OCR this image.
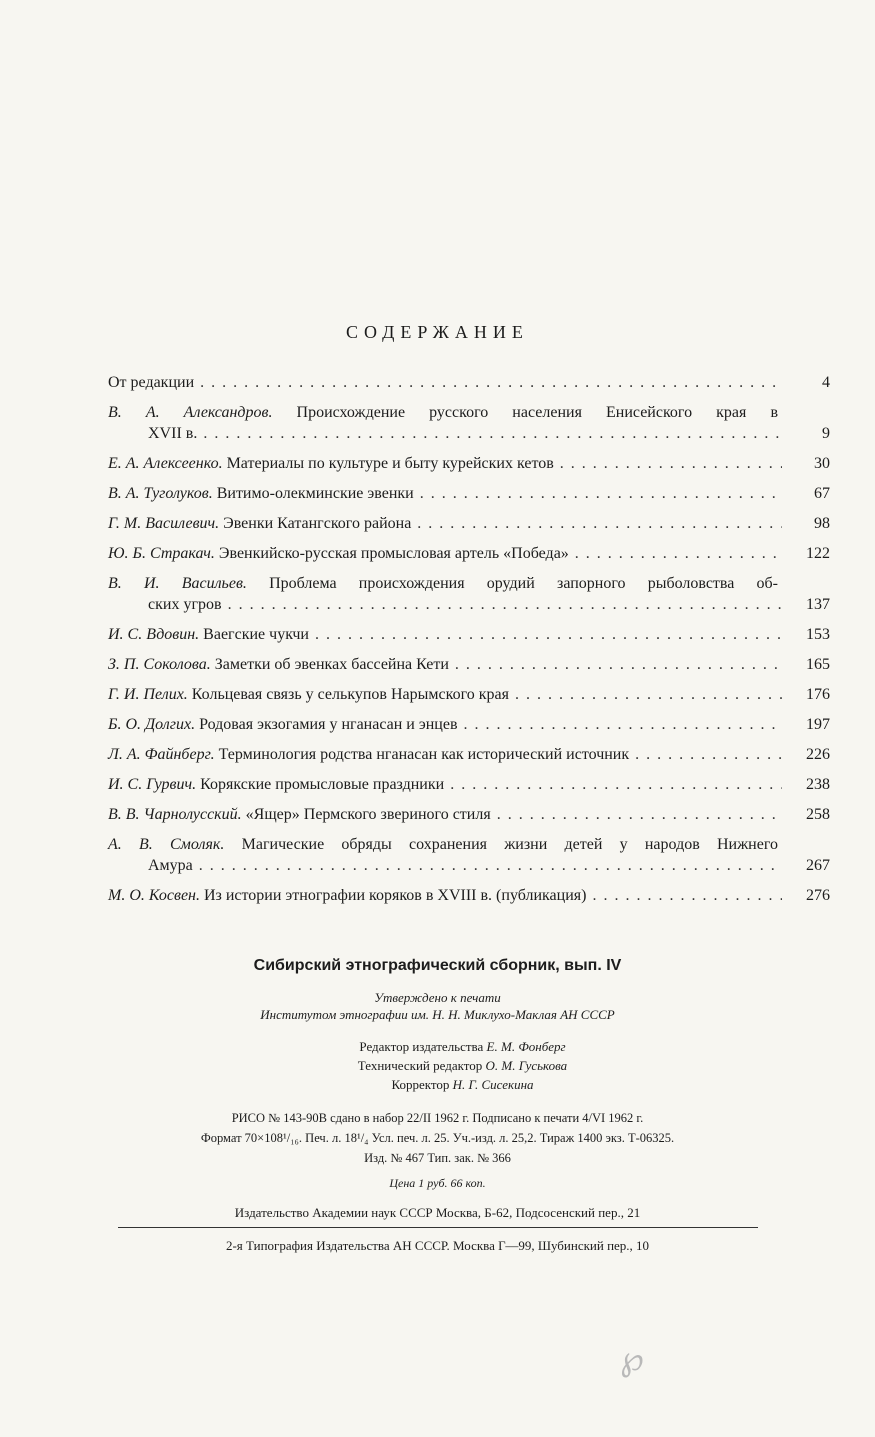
СОДЕРЖАНИЕ
От редакции . . .	4
В. А. Александров. Происхождение русского населения Енисейского края в
XVII в. . . .	9
Е. А. Алексеенко. Материалы по культуре и быту курейских кетов . . .	30
В. А. Туголуков. Витимо-олекминские эвенки . . .	67
Г. М. Василевич. Эвенки Катангского района . . .	98
Ю. Б. Стракач. Эвенкийско-русская промысловая артель «Победа» . . .	122
В. И. Васильев. Проблема происхождения орудий запорного рыболовства об-
ских угров . . .	137
И. С. Вдовин. Ваегские чукчи . . .	153
З. П. Соколова. Заметки об эвенках бассейна Кети . . .	165
Г. И. Пелих. Кольцевая связь у селькупов Нарымского края . . .	176
Б. О. Долгих. Родовая экзогамия у нганасан и энцев . . .	197
Л. А. Файнберг. Терминология родства нганасан как исторический источник . . .	226
И. С. Гурвич. Корякские промысловые праздники . . .	238
В. В. Чарнолусский. «Ящер» Пермского звериного стиля . . .	258
А. В. Смоляк. Магические обряды сохранения жизни детей у народов Нижнего
Амура . . .	267
М. О. Косвен. Из истории этнографии коряков в XVIII в. (публикация) . . .	276
Сибирский этнографический сборник, вып. IV
Утверждено к печати
Институтом этнографии им. Н. Н. Миклухо-Маклая АН СССР
Редактор издательства Е. М. Фонберг
Технический редактор О. М. Гуськова
Корректор Н. Г. Сисекина
РИСО № 143-90В сдано в набор 22/II 1962 г. Подписано к печати 4/VI 1962 г.
Формат 70×108¹/₁₆. Печ. л. 18¹/₄ Усл. печ. л. 25. Уч.-изд. л. 25,2. Тираж 1400 экз. Т-06325.
Изд. № 467 Тип. зак. № 366
Цена 1 руб. 66 коп.
Издательство Академии наук СССР Москва, Б-62, Подсосенский пер., 21
2-я Типография Издательства АН СССР. Москва Г—99, Шубинский пер., 10
℘
